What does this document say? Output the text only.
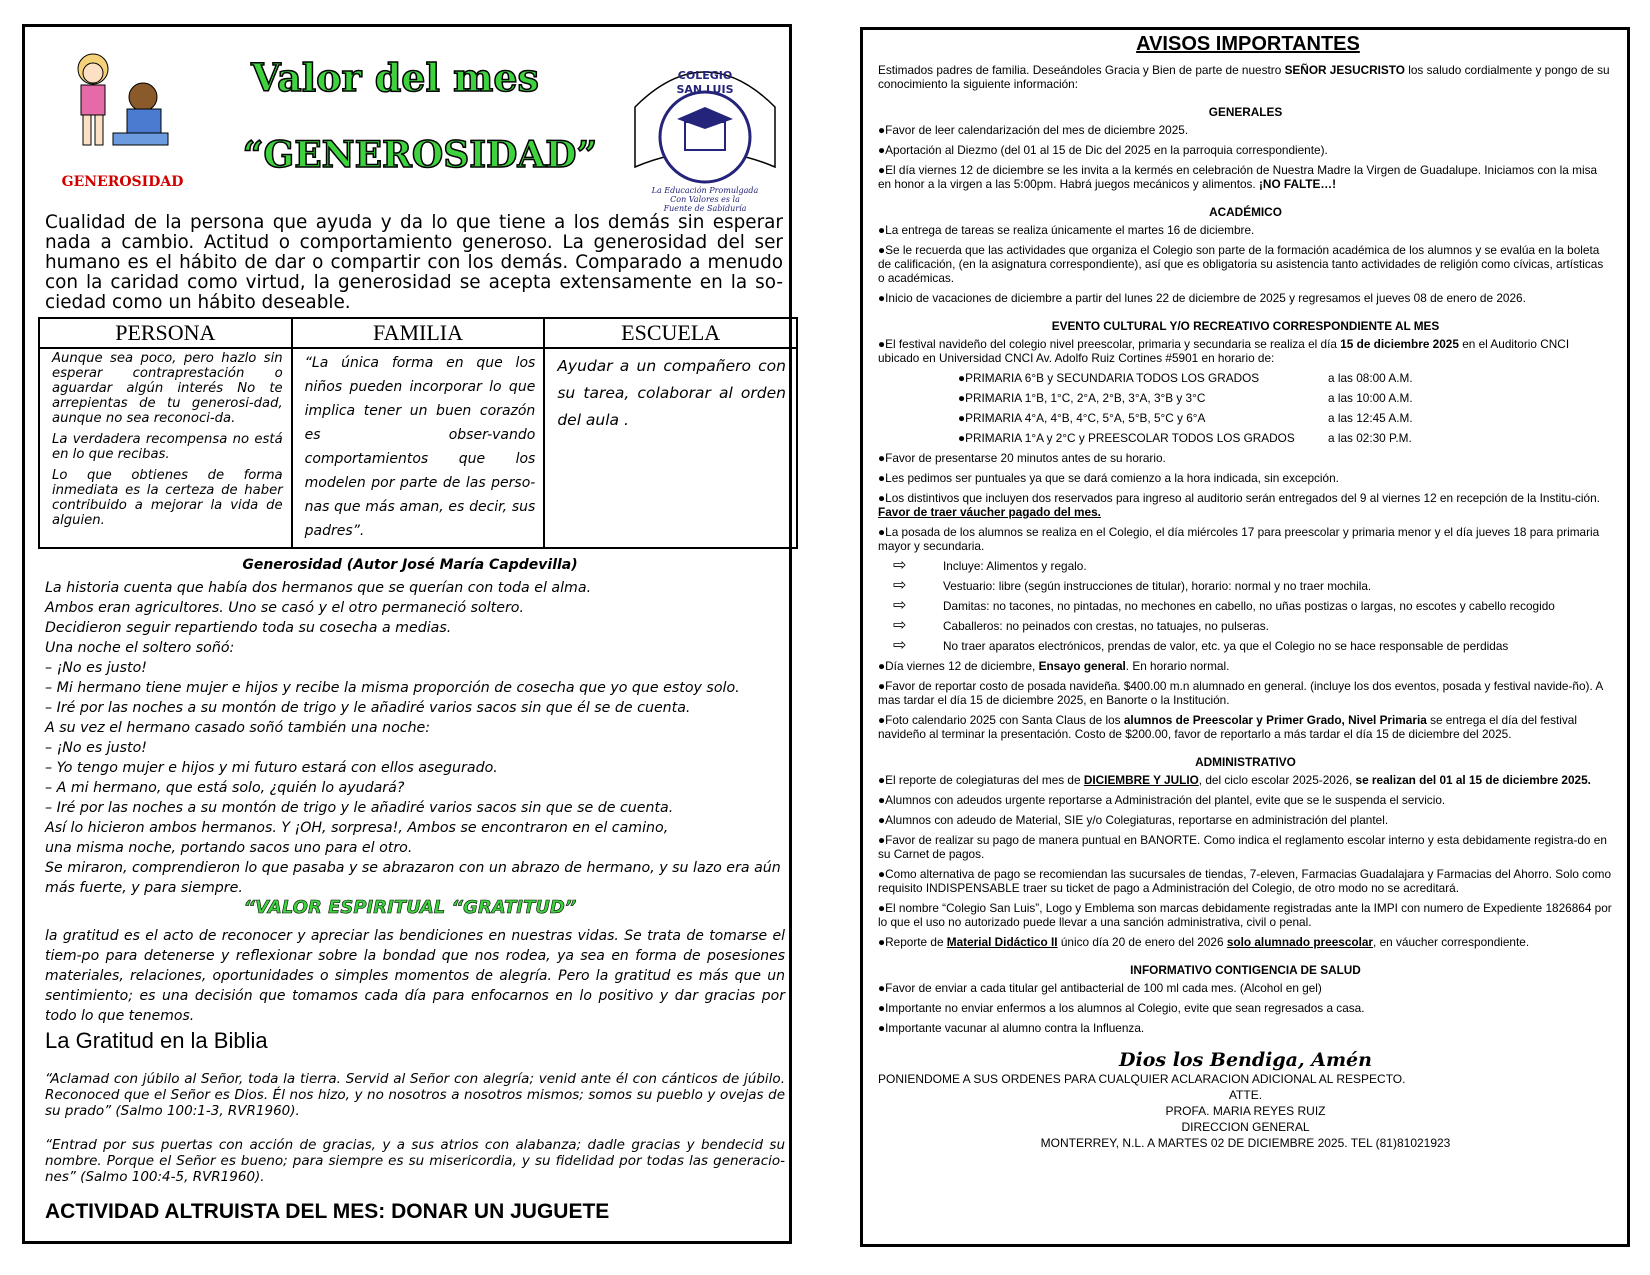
GENEROSIDAD
Valor del mes
“GENEROSIDAD”
COLEGIO
SAN LUIS
La Educación Promulgada
Con Valores es la
Fuente de Sabiduría
Cualidad de la persona que ayuda y da lo que tiene a los demás sin esperar nada a cambio. Actitud o comportamiento generoso. La generosidad del ser humano es el hábito de dar o compartir con los demás. Comparado a menudo con la caridad como virtud, la generosidad se acepta extensamente en la so-ciedad como un hábito deseable.
PERSONA	FAMILIA	ESCUELA

Aunque sea poco, pero hazlo sin esperar contraprestación o aguardar algún interés No te arrepientas de tu generosi-dad, aunque no sea reconoci-da.

La verdadera recompensa no está en lo que recibas.

Lo que obtienes de forma inmediata es la certeza de haber contribuido a mejorar la vida de alguien.	“La única forma en que los niños pueden incorporar lo que implica tener un buen corazón es obser-vando comportamientos que los modelen por parte de las perso-nas que más aman, es decir, sus padres”.	Ayudar a un compañero con su tarea, colaborar al orden del aula .
Generosidad (Autor José María Capdevilla)
La historia cuenta que había dos hermanos que se querían con toda el alma.
Ambos eran agricultores. Uno se casó y el otro permaneció soltero.
Decidieron seguir repartiendo toda su cosecha a medias.
Una noche el soltero soñó:
– ¡No es justo!
– Mi hermano tiene mujer e hijos y recibe la misma proporción de cosecha que yo que estoy solo.
– Iré por las noches a su montón de trigo y le añadiré varios sacos sin que él se de cuenta.
A su vez el hermano casado soñó también una noche:
– ¡No es justo!
– Yo tengo mujer e hijos y mi futuro estará con ellos asegurado.
– A mi hermano, que está solo, ¿quién lo ayudará?
– Iré por las noches a su montón de trigo y le añadiré varios sacos sin que se de cuenta.
Así lo hicieron ambos hermanos. Y ¡OH, sorpresa!, Ambos se encontraron en el camino,
una misma noche, portando sacos uno para el otro.
Se miraron, comprendieron lo que pasaba y se abrazaron con un abrazo de hermano, y su lazo era aún más fuerte, y para siempre.
“VALOR ESPIRITUAL “GRATITUD”
la gratitud es el acto de reconocer y apreciar las bendiciones en nuestras vidas. Se trata de tomarse el tiem-po para detenerse y reflexionar sobre la bondad que nos rodea, ya sea en forma de posesiones materiales, relaciones, oportunidades o simples momentos de alegría. Pero la gratitud es más que un sentimiento; es una decisión que tomamos cada día para enfocarnos en lo positivo y dar gracias por todo lo que tenemos.
La Gratitud en la Biblia
“Aclamad con júbilo al Señor, toda la tierra. Servid al Señor con alegría; venid ante él con cánticos de júbilo. Reconoced que el Señor es Dios. Él nos hizo, y no nosotros a nosotros mismos; somos su pueblo y ovejas de su prado” (Salmo 100:1-3, RVR1960).
“Entrad por sus puertas con acción de gracias, y a sus atrios con alabanza; dadle gracias y bendecid su nombre. Porque el Señor es bueno; para siempre es su misericordia, y su fidelidad por todas las generacio-nes” (Salmo 100:4-5, RVR1960).
ACTIVIDAD ALTRUISTA DEL MES: DONAR UN JUGUETE
AVISOS IMPORTANTES

Estimados padres de familia. Deseándoles Gracia y Bien de parte de nuestro SEÑOR JESUCRISTO los saludo cordialmente y pongo de su conocimiento la siguiente información:

GENERALES
● Favor de leer calendarización del mes de diciembre 2025.
● Aportación al Diezmo (del 01 al 15 de Dic del 2025 en la parroquia correspondiente).
● El día viernes 12 de diciembre se les invita a la kermés en celebración de Nuestra Madre la Virgen de Guadalupe. Iniciamos con la misa en honor a la virgen a las 5:00pm. Habrá juegos mecánicos y alimentos. ¡NO FALTE…!
ACADÉMICO
● La entrega de tareas se realiza únicamente el martes 16 de diciembre.
● Se le recuerda que las actividades que organiza el Colegio son parte de la formación académica de los alumnos y se evalúa en la boleta de calificación, (en la asignatura correspondiente), así que es obligatoria su asistencia tanto actividades de religión como cívicas, artísticas o académicas.
● Inicio de vacaciones de diciembre a partir del lunes 22 de diciembre de 2025 y regresamos el jueves 08 de enero de 2026.
EVENTO CULTURAL Y/O RECREATIVO CORRESPONDIENTE AL MES
● El festival navideño del colegio nivel preescolar, primaria y secundaria se realiza el día 15 de diciembre 2025 en el Auditorio CNCI ubicado en Universidad CNCI Av. Adolfo Ruiz Cortines #5901 en horario de:
● PRIMARIA 6°B y SECUNDARIA TODOS LOS GRADOS	a las 08:00 A.M.
● PRIMARIA 1°B, 1°C, 2°A, 2°B, 3°A, 3°B y 3°C	a las 10:00 A.M.
● PRIMARIA 4°A, 4°B, 4°C, 5°A, 5°B, 5°C y 6°A	a las 12:45 A.M.
● PRIMARIA 1°A y 2°C y PREESCOLAR TODOS LOS GRADOS	a las 02:30 P.M.
● Favor de presentarse 20 minutos antes de su horario.
● Les pedimos ser puntuales ya que se dará comienzo a la hora indicada, sin excepción.
● Los distintivos que incluyen dos reservados para ingreso al auditorio serán entregados del 9 al viernes 12 en recepción de la Institu-ción. Favor de traer váucher pagado del mes.
● La posada de los alumnos se realiza en el Colegio, el día miércoles 17 para preescolar y primaria menor y el día jueves 18 para primaria mayor y secundaria.
⇨	Incluye: Alimentos y regalo.
⇨	Vestuario: libre (según instrucciones de titular), horario: normal y no traer mochila.
⇨	Damitas: no tacones, no pintadas, no mechones en cabello, no uñas postizas o largas, no escotes y cabello recogido
⇨	Caballeros: no peinados con crestas, no tatuajes, no pulseras.
⇨	No traer aparatos electrónicos, prendas de valor, etc. ya que el Colegio no se hace responsable de perdidas
● Día viernes 12 de diciembre, Ensayo general. En horario normal.
● Favor de reportar costo de posada navideña. $400.00 m.n alumnado en general. (incluye los dos eventos, posada y festival navide-ño). A mas tardar el día 15 de diciembre 2025, en Banorte o la Institución.
● Foto calendario 2025 con Santa Claus de los alumnos de Preescolar y Primer Grado, Nivel Primaria se entrega el día del festival navideño al terminar la presentación. Costo de $200.00, favor de reportarlo a más tardar el día 15 de diciembre del 2025.
ADMINISTRATIVO
● El reporte de colegiaturas del mes de DICIEMBRE Y JULIO, del ciclo escolar 2025-2026, se realizan del 01 al 15 de diciembre 2025.
● Alumnos con adeudos urgente reportarse a Administración del plantel, evite que se le suspenda el servicio.
● Alumnos con adeudo de Material, SIE y/o Colegiaturas, reportarse en administración del plantel.
● Favor de realizar su pago de manera puntual en BANORTE. Como indica el reglamento escolar interno y esta debidamente registra-do en su Carnet de pagos.
● Como alternativa de pago se recomiendan las sucursales de tiendas, 7-eleven, Farmacias Guadalajara y Farmacias del Ahorro. Solo como requisito INDISPENSABLE traer su ticket de pago a Administración del Colegio, de otro modo no se acreditará.
● El nombre “Colegio San Luis”, Logo y Emblema son marcas debidamente registradas ante la IMPI con numero de Expediente 1826864 por lo que el uso no autorizado puede llevar a una sanción administrativa, civil o penal.
● Reporte de Material Didáctico II único día 20 de enero del 2026 solo alumnado preescolar, en váucher correspondiente.
INFORMATIVO CONTIGENCIA DE SALUD
● Favor de enviar a cada titular gel antibacterial de 100 ml cada mes. (Alcohol en gel)
● Importante no enviar enfermos a los alumnos al Colegio, evite que sean regresados a casa.
● Importante vacunar al alumno contra la Influenza.
Dios los Bendiga, Amén
PONIENDOME A SUS ORDENES PARA CUALQUIER ACLARACION ADICIONAL AL RESPECTO.
ATTE.
PROFA. MARIA REYES RUIZ
DIRECCION GENERAL
MONTERREY, N.L. A MARTES 02 DE DICIEMBRE 2025. TEL (81)81021923
